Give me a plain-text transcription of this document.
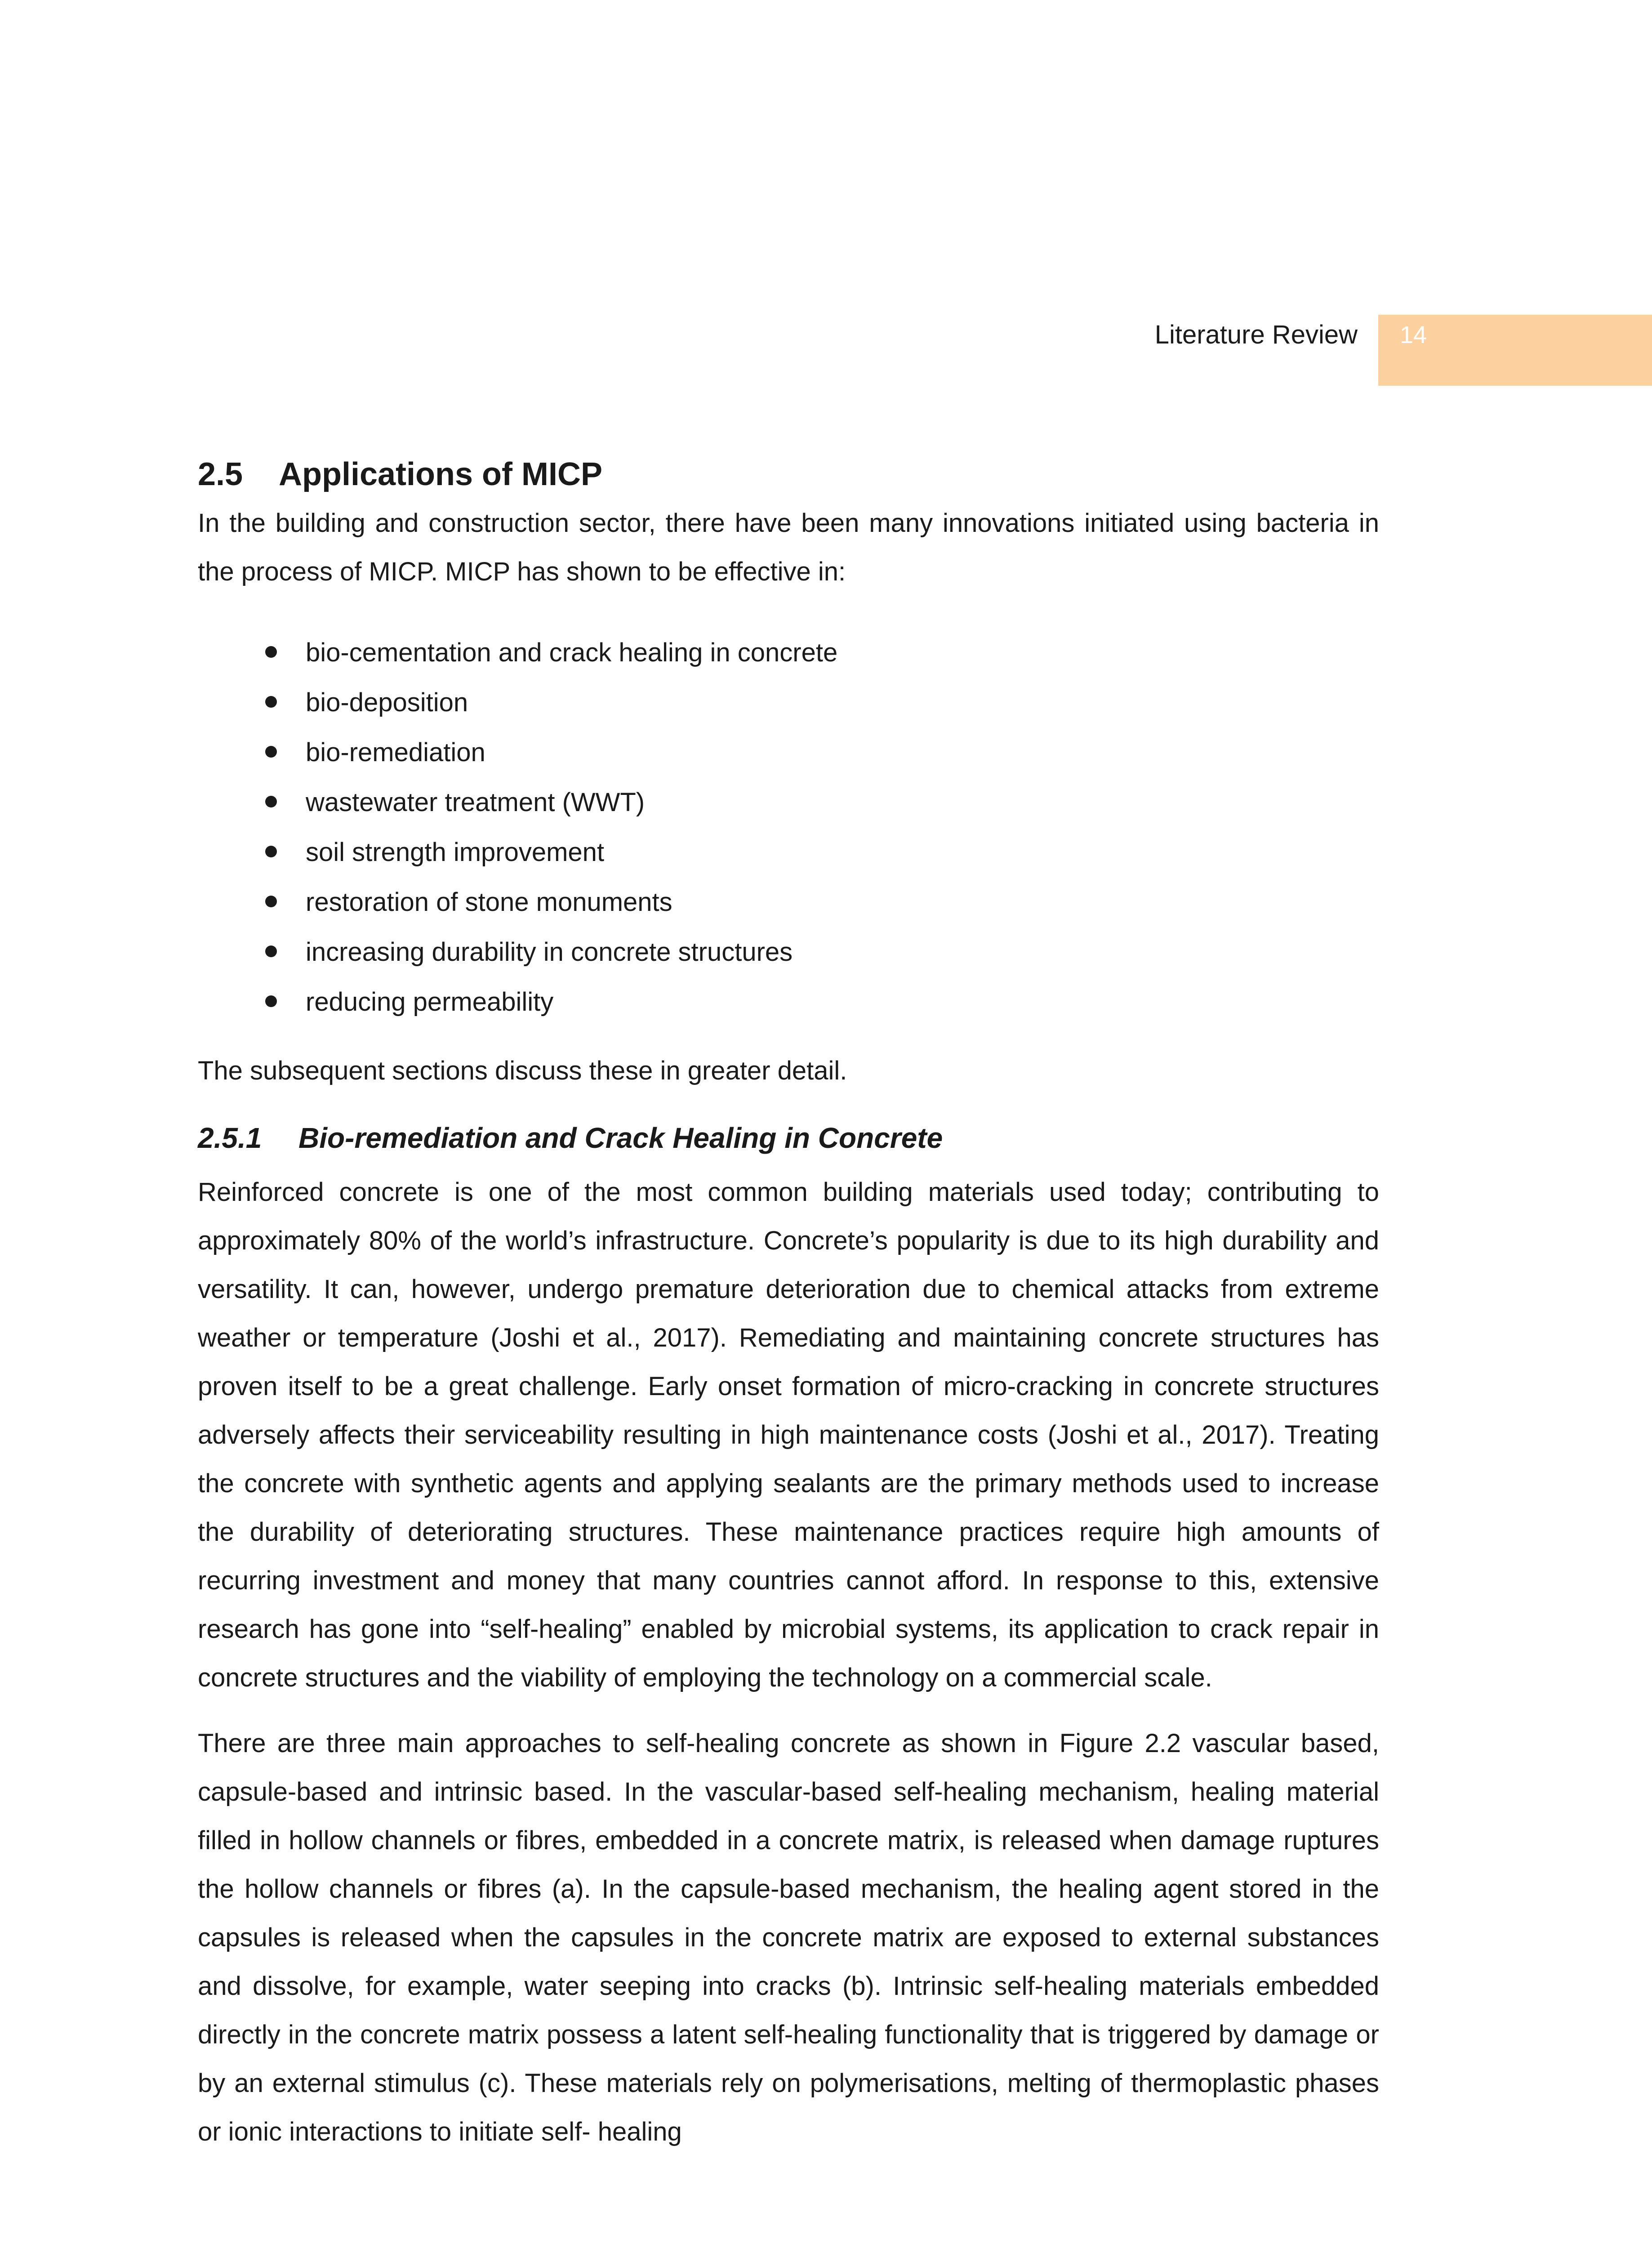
Literature Review 14
2.5 Applications of MICP

In the building and construction sector, there have been many innovations initiated using bacteria in the process of MICP. MICP has shown to be effective in:

bio-cementation and crack healing in concrete
bio-deposition
bio-remediation
wastewater treatment (WWT)
soil strength improvement
restoration of stone monuments
increasing durability in concrete structures
reducing permeability

The subsequent sections discuss these in greater detail.

2.5.1 Bio-remediation and Crack Healing in Concrete

Reinforced concrete is one of the most common building materials used today; contributing to approximately 80% of the world’s infrastructure. Concrete’s popularity is due to its high durability and versatility. It can, however, undergo premature deterioration due to chemical attacks from extreme weather or temperature (Joshi et al., 2017). Remediating and maintaining concrete structures has proven itself to be a great challenge. Early onset formation of micro-cracking in concrete structures adversely affects their serviceability resulting in high maintenance costs (Joshi et al., 2017). Treating the concrete with synthetic agents and applying sealants are the primary methods used to increase the durability of deteriorating structures. These maintenance practices require high amounts of recurring investment and money that many countries cannot afford. In response to this, extensive research has gone into “self-healing” enabled by microbial systems, its application to crack repair in concrete structures and the viability of employing the technology on a commercial scale.

There are three main approaches to self-healing concrete as shown in Figure 2.2 vascular based, capsule-based and intrinsic based. In the vascular-based self-healing mechanism, healing material filled in hollow channels or fibres, embedded in a concrete matrix, is released when damage ruptures the hollow channels or fibres (a). In the capsule-based mechanism, the healing agent stored in the capsules is released when the capsules in the concrete matrix are exposed to external substances and dissolve, for example, water seeping into cracks (b). Intrinsic self-healing materials embedded directly in the concrete matrix possess a latent self-healing functionality that is triggered by damage or by an external stimulus (c). These materials rely on polymerisations, melting of thermoplastic phases or ionic interactions to initiate self- healing
